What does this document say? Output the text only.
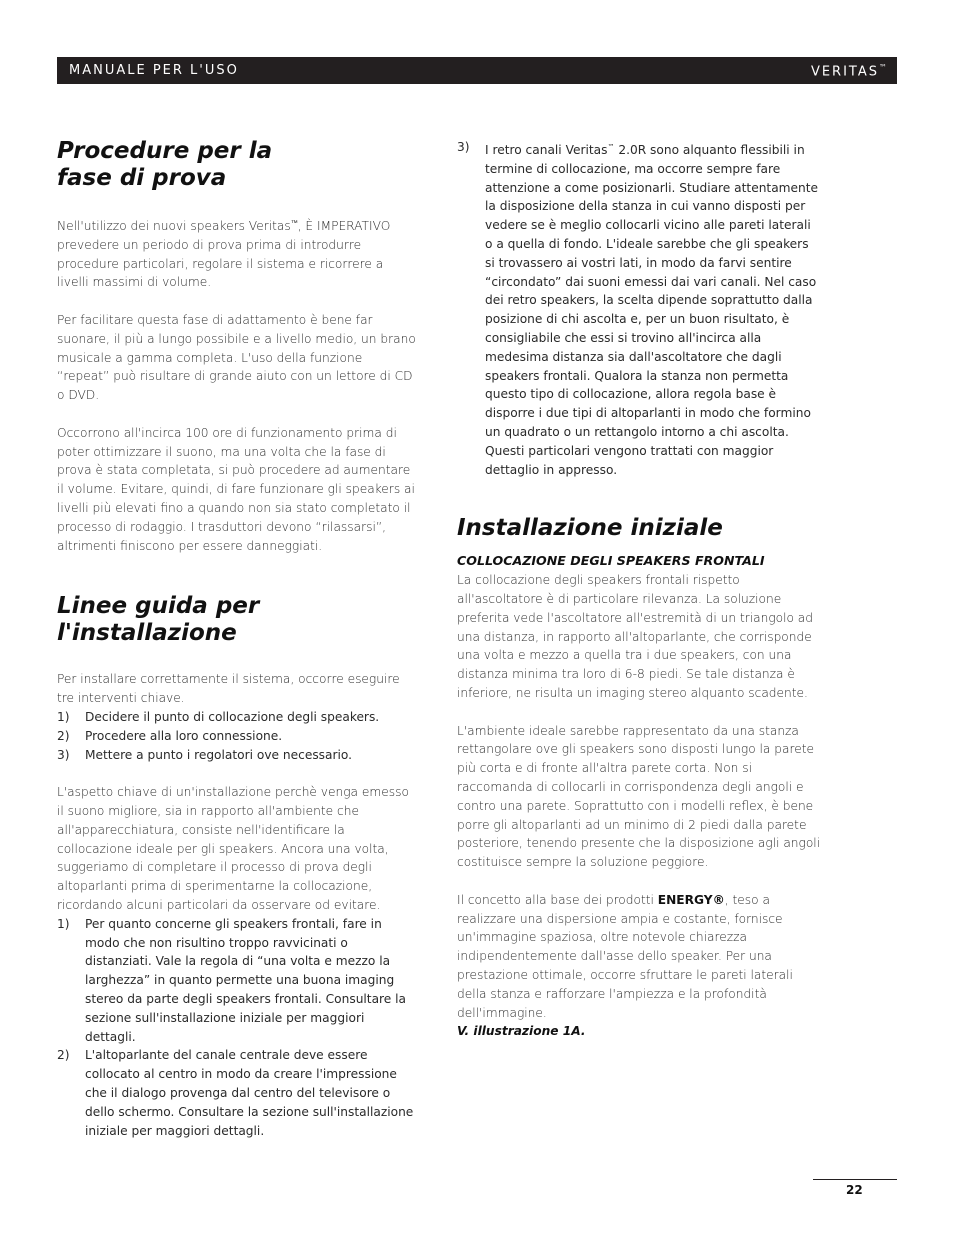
MANUALE PER L'USO	VERITAS™
Procedure per la
fase di prova

Nell'utilizzo dei nuovi speakers Veritas™, È IMPERATIVO prevedere un periodo di prova prima di introdurre procedure particolari, regolare il sistema e ricorrere a livelli massimi di volume.

Per facilitare questa fase di adattamento è bene far suonare, il più a lungo possibile e a livello medio, un brano musicale a gamma completa. L'uso della funzione “repeat” può risultare di grande aiuto con un lettore di CD o DVD.

Occorrono all'incirca 100 ore di funzionamento prima di poter ottimizzare il suono, ma una volta che la fase di prova è stata completata, si può procedere ad aumentare il volume. Evitare, quindi, di fare funzionare gli speakers ai livelli più elevati fino a quando non sia stato completato il processo di rodaggio. I trasduttori devono “rilassarsi”, altrimenti finiscono per essere danneggiati.

Linee guida per
l'installazione

Per installare correttamente il sistema, occorre eseguire tre interventi chiave.

1)	Decidere il punto di collocazione degli speakers.
2)	Procedere alla loro connessione.
3)	Mettere a punto i regolatori ove necessario.

L'aspetto chiave di un'installazione perchè venga emesso il suono migliore, sia in rapporto all'ambiente che all'apparecchiatura, consiste nell'identificare la collocazione ideale per gli speakers. Ancora una volta, suggeriamo di completare il processo di prova degli altoparlanti prima di sperimentarne la collocazione, ricordando alcuni particolari da osservare od evitare.

1)	Per quanto concerne gli speakers frontali, fare in modo che non risultino troppo ravvicinati o distanziati. Vale la regola di “una volta e mezzo la larghezza” in quanto permette una buona imaging stereo da parte degli speakers frontali. Consultare la sezione sull'installazione iniziale per maggiori dettagli.
2)	L'altoparlante del canale centrale deve essere collocato al centro in modo da creare l'impressione che il dialogo provenga dal centro del televisore o dello schermo. Consultare la sezione sull'installazione iniziale per maggiori dettagli.
3)	I retro canali Veritas™ 2.0R sono alquanto flessibili in termine di collocazione, ma occorre sempre fare attenzione a come posizionarli. Studiare attentamente la disposizione della stanza in cui vanno disposti per vedere se è meglio collocarli vicino alle pareti laterali o a quella di fondo. L'ideale sarebbe che gli speakers si trovassero ai vostri lati, in modo da farvi sentire “circondato” dai suoni emessi dai vari canali. Nel caso dei retro speakers, la scelta dipende soprattutto dalla posizione di chi ascolta e, per un buon risultato, è consigliabile che essi si trovino all'incirca alla medesima distanza sia dall'ascoltatore che dagli speakers frontali. Qualora la stanza non permetta questo tipo di collocazione, allora regola base è disporre i due tipi di altoparlanti in modo che formino un quadrato o un rettangolo intorno a chi ascolta. Questi particolari vengono trattati con maggior dettaglio in appresso.
Installazione iniziale
COLLOCAZIONE DEGLI SPEAKERS FRONTALI

La collocazione degli speakers frontali rispetto all'ascoltatore è di particolare rilevanza. La soluzione preferita vede l'ascoltatore all'estremità di un triangolo ad una distanza, in rapporto all'altoparlante, che corrisponde una volta e mezzo a quella tra i due speakers, con una distanza minima tra loro di 6-8 piedi. Se tale distanza è inferiore, ne risulta un imaging stereo alquanto scadente.

L'ambiente ideale sarebbe rappresentato da una stanza rettangolare ove gli speakers sono disposti lungo la parete più corta e di fronte all'altra parete corta. Non si raccomanda di collocarli in corrispondenza degli angoli e contro una parete. Soprattutto con i modelli reflex, è bene porre gli altoparlanti ad un minimo di 2 piedi dalla parete posteriore, tenendo presente che la disposizione agli angoli costituisce sempre la soluzione peggiore.

Il concetto alla base dei prodotti ENERGY®, teso a realizzare una dispersione ampia e costante, fornisce un'immagine spaziosa, oltre notevole chiarezza indipendentemente dall'asse dello speaker. Per una prestazione ottimale, occorre sfruttare le pareti laterali della stanza e rafforzare l'ampiezza e la profondità dell'immagine.

V. illustrazione 1A.

22
